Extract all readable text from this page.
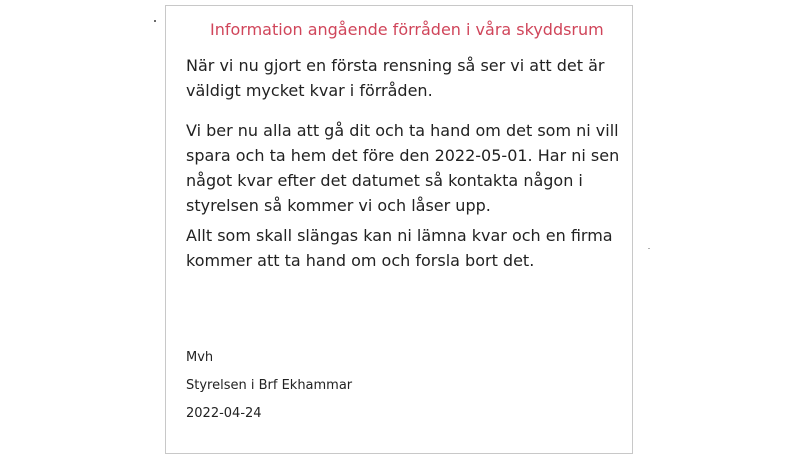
Information angående förråden i våra skyddsrum

När vi nu gjort en första rensning så ser vi att det är väldigt mycket kvar i förråden.

Vi ber nu alla att gå dit och ta hand om det som ni vill spara och ta hem det före den 2022-05-01. Har ni sen något kvar efter det datumet så kontakta någon i styrelsen så kommer vi och låser upp.

Allt som skall slängas kan ni lämna kvar och en firma kommer att ta hand om och forsla bort det.

Mvh

Styrelsen i Brf Ekhammar

2022-04-24
